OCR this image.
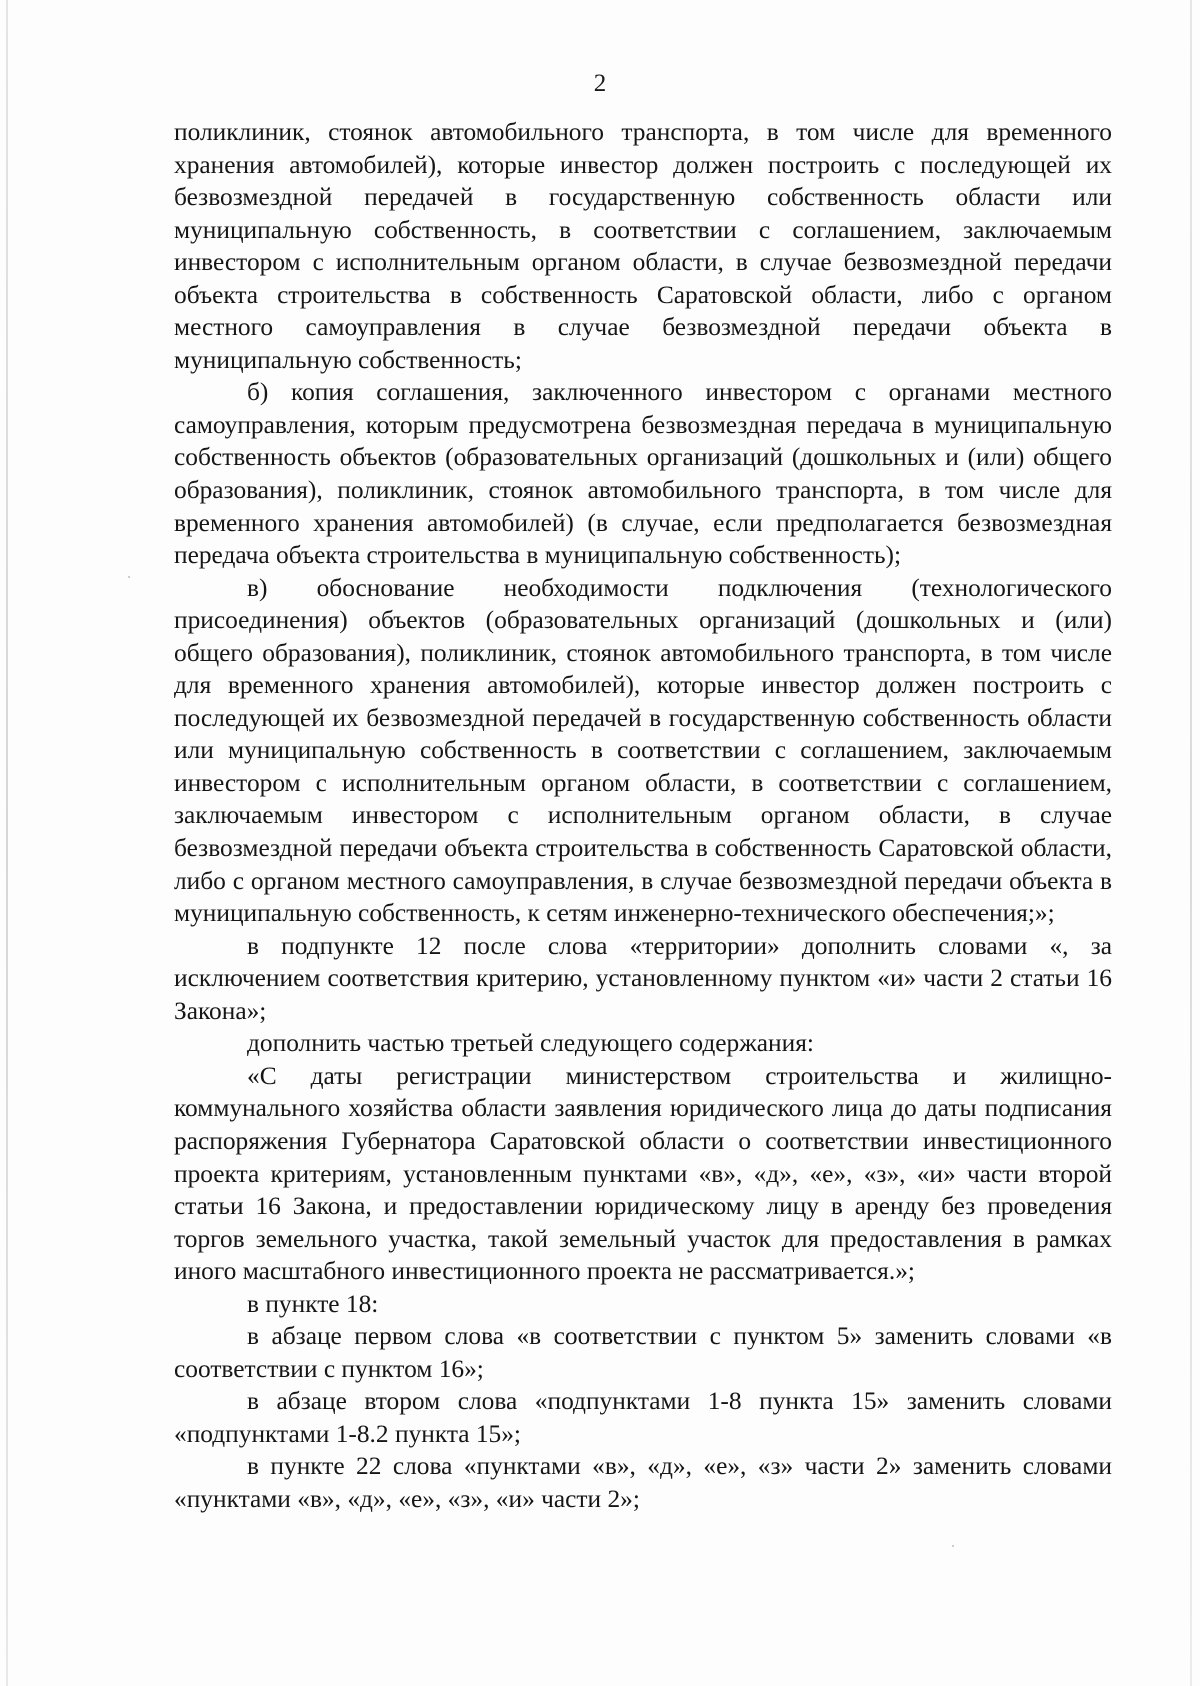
2

поликлиник, стоянок автомобильного транспорта, в том числе для временного хранения автомобилей), которые инвестор должен построить с последующей их безвозмездной передачей в государственную собственность области или муниципальную собственность, в соответствии с соглашением, заключаемым инвестором с исполнительным органом области, в случае безвозмездной передачи объекта строительства в собственность Саратовской области, либо с органом местного самоуправления в случае безвозмездной передачи объекта в муниципальную собственность;

б) копия соглашения, заключенного инвестором с органами местного самоуправления, которым предусмотрена безвозмездная передача в муниципальную собственность объектов (образовательных организаций (дошкольных и (или) общего образования), поликлиник, стоянок автомобильного транспорта, в том числе для временного хранения автомобилей) (в случае, если предполагается безвозмездная передача объекта строительства в муниципальную собственность);

в) обоснование необходимости подключения (технологического присоединения) объектов (образовательных организаций (дошкольных и (или) общего образования), поликлиник, стоянок автомобильного транспорта, в том числе для временного хранения автомобилей), которые инвестор должен построить с последующей их безвозмездной передачей в государственную собственность области или муниципальную собственность в соответствии с соглашением, заключаемым инвестором с исполнительным органом области, в соответствии с соглашением, заключаемым инвестором с исполнительным органом области, в случае безвозмездной передачи объекта строительства в собственность Саратовской области, либо с органом местного самоуправления, в случае безвозмездной передачи объекта в муниципальную собственность, к сетям инженерно-технического обеспечения;»;

в подпункте 12 после слова «территории» дополнить словами «, за исключением соответствия критерию, установленному пунктом «и» части 2 статьи 16 Закона»;

дополнить частью третьей следующего содержания:

«С даты регистрации министерством строительства и жилищно-коммунального хозяйства области заявления юридического лица до даты подписания распоряжения Губернатора Саратовской области о соответствии инвестиционного проекта критериям, установленным пунктами «в», «д», «е», «з», «и» части второй статьи 16 Закона, и предоставлении юридическому лицу в аренду без проведения торгов земельного участка, такой земельный участок для предоставления в рамках иного масштабного инвестиционного проекта не рассматривается.»;

в пункте 18:

в абзаце первом слова «в соответствии с пунктом 5» заменить словами «в соответствии с пунктом 16»;

в абзаце втором слова «подпунктами 1-8 пункта 15» заменить словами «подпунктами 1-8.2 пункта 15»;

в пункте 22 слова «пунктами «в», «д», «е», «з» части 2» заменить словами «пунктами «в», «д», «е», «з», «и» части 2»;
